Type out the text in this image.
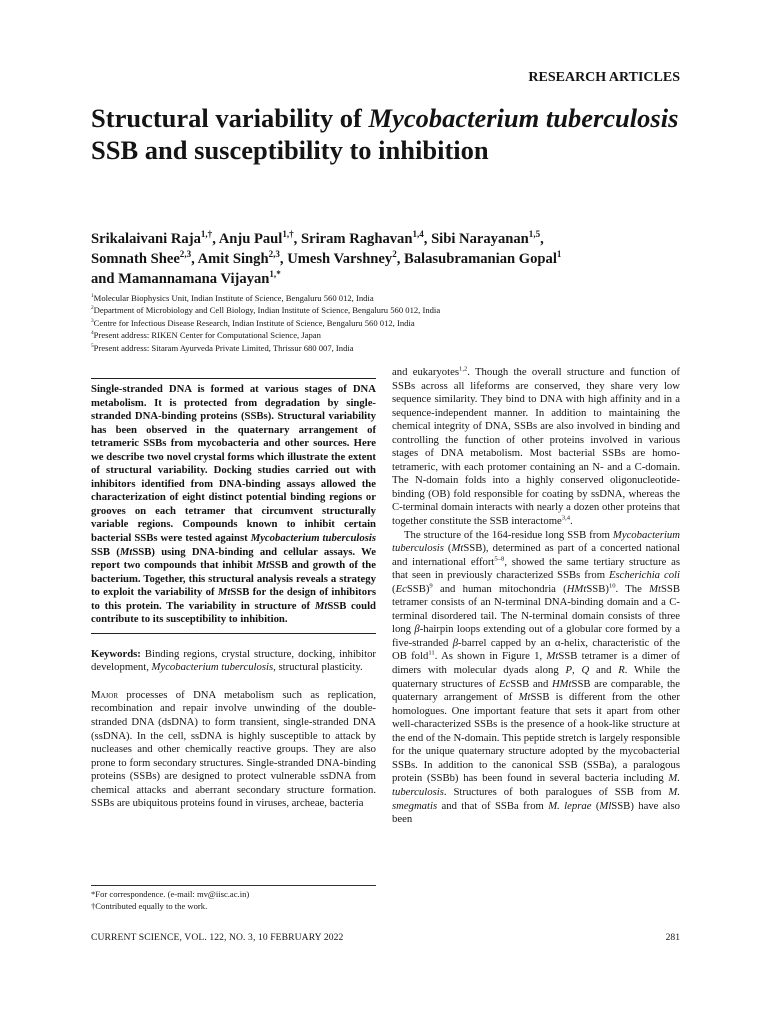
RESEARCH ARTICLES
Structural variability of Mycobacterium tuberculosis SSB and susceptibility to inhibition
Srikalaivani Raja$^{1,\dagger}$, Anju Paul$^{1,\dagger}$, Sriram Raghavan$^{1,4}$, Sibi Narayanan$^{1,5}$,
Somnath Shee$^{2,3}$, Amit Singh$^{2,3}$, Umesh Varshney$^2$, Balasubramanian Gopal$^1$
and Mamannamana Vijayan$^{1,*}$
$^1$Molecular Biophysics Unit, Indian Institute of Science, Bengaluru 560 012, India
$^2$Department of Microbiology and Cell Biology, Indian Institute of Science, Bengaluru 560 012, India
$^3$Centre for Infectious Disease Research, Indian Institute of Science, Bengaluru 560 012, India
$^4$Present address: RIKEN Center for Computational Science, Japan
$^5$Present address: Sitaram Ayurveda Private Limited, Thrissur 680 007, India
Single-stranded DNA is formed at various stages of DNA metabolism. It is protected from degradation by single-stranded DNA-binding proteins (SSBs). Structural variability has been observed in the quaternary arrangement of tetrameric SSBs from mycobacteria and other sources. Here we describe two novel crystal forms which illustrate the extent of structural variability. Docking studies carried out with inhibitors identified from DNA-binding assays allowed the characterization of eight distinct potential binding regions or grooves on each tetramer that circumvent structurally variable regions. Compounds known to inhibit certain bacterial SSBs were tested against Mycobacterium tuberculosis SSB (MtSSB) using DNA-binding and cellular assays. We report two compounds that inhibit MtSSB and growth of the bacterium. Together, this structural analysis reveals a strategy to exploit the variability of MtSSB for the design of inhibitors to this protein. The variability in structure of MtSSB could contribute to its susceptibility to inhibition.
Keywords: Binding regions, crystal structure, docking, inhibitor development, Mycobacterium tuberculosis, structural plasticity.

Major processes of DNA metabolism such as replication, recombination and repair involve unwinding of the double-stranded DNA (dsDNA) to form transient, single-stranded DNA (ssDNA). In the cell, ssDNA is highly susceptible to attack by nucleases and other chemically reactive groups. They are also prone to form secondary structures. Single-stranded DNA-binding proteins (SSBs) are designed to protect vulnerable ssDNA from chemical attacks and aberrant secondary structure formation. SSBs are ubiquitous proteins found in viruses, archeae, bacteria

and eukaryotes$^{1,2}$. Though the overall structure and function of SSBs across all lifeforms are conserved, they share very low sequence similarity. They bind to DNA with high affinity and in a sequence-independent manner. In addition to maintaining the chemical integrity of DNA, SSBs are also involved in binding and controlling the function of other proteins involved in various stages of DNA metabolism. Most bacterial SSBs are homo-tetrameric, with each protomer containing an N- and a C-domain. The N-domain folds into a highly conserved oligonucleotide-binding (OB) fold responsible for coating by ssDNA, whereas the C-terminal domain interacts with nearly a dozen other proteins that together constitute the SSB interactome$^{3,4}$.

The structure of the 164-residue long SSB from Mycobacterium tuberculosis (MtSSB), determined as part of a concerted national and international effort$^{5-8}$, showed the same tertiary structure as that seen in previously characterized SSBs from Escherichia coli (EcSSB)$^9$ and human mitochondria (HMtSSB)$^{10}$. The MtSSB tetramer consists of an N-terminal DNA-binding domain and a C-terminal disordered tail. The N-terminal domain consists of three long β-hairpin loops extending out of a globular core formed by a five-stranded β-barrel capped by an α-helix, characteristic of the OB fold$^{11}$. As shown in Figure 1, MtSSB tetramer is a dimer of dimers with molecular dyads along P, Q and R. While the quaternary structures of EcSSB and HMtSSB are comparable, the quaternary arrangement of MtSSB is different from the other homologues. One important feature that sets it apart from other well-characterized SSBs is the presence of a hook-like structure at the end of the N-domain. This peptide stretch is largely responsible for the unique quaternary structure adopted by the mycobacterial SSBs. In addition to the canonical SSB (SSBa), a paralogous protein (SSBb) has been found in several bacteria including M. tuberculosis. Structures of both paralogues of SSB from M. smegmatis and that of SSBa from M. leprae (MlSSB) have also been

*For correspondence. (e-mail: mv@iisc.ac.in)
†Contributed equally to the work.
CURRENT SCIENCE, VOL. 122, NO. 3, 10 FEBRUARY 2022	281
